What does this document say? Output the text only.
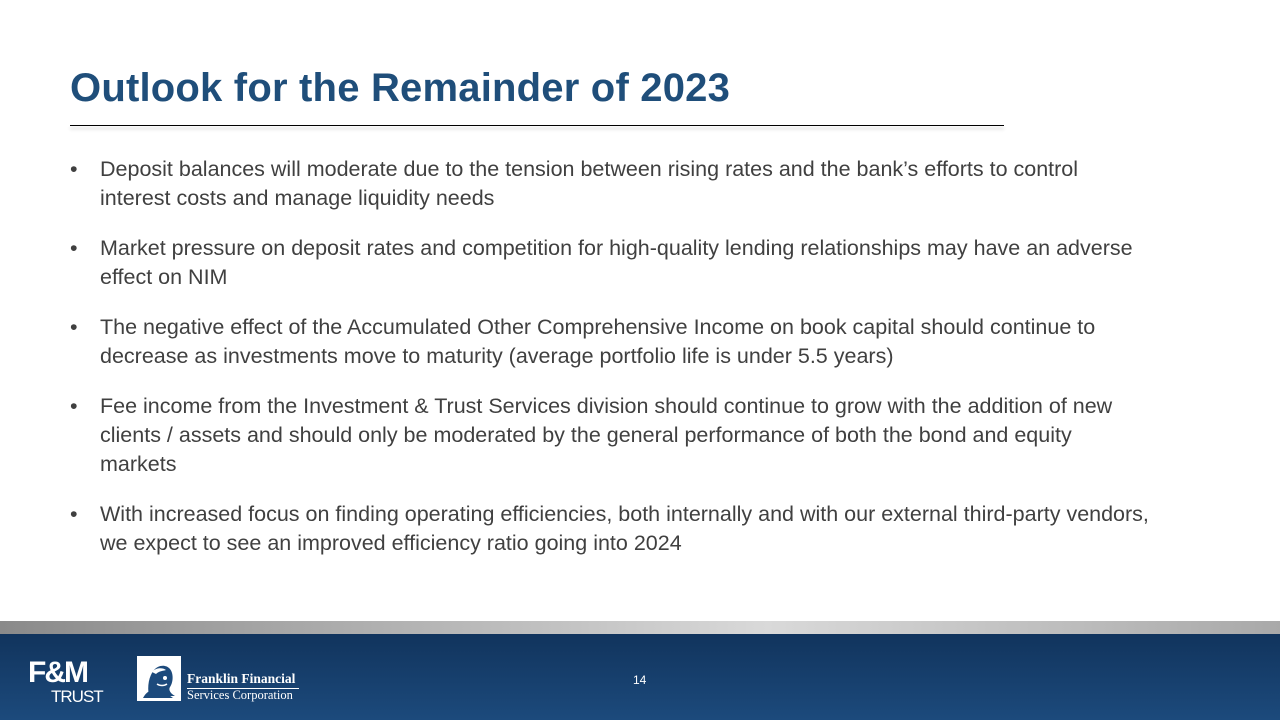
Outlook for the Remainder of 2023
•	Deposit balances will moderate due to the tension between rising rates and the bank’s efforts to control interest costs and manage liquidity needs
•	Market pressure on deposit rates and competition for high-quality lending relationships may have an adverse effect on NIM
•	The negative effect of the Accumulated Other Comprehensive Income on book capital should continue to decrease as investments move to maturity (average portfolio life is under 5.5 years)
•	Fee income from the Investment & Trust Services division should continue to grow with the addition of new clients / assets and should only be moderated by the general performance of both the bond and equity markets
•	With increased focus on finding operating efficiencies, both internally and with our external third-party vendors, we expect to see an improved efficiency ratio going into 2024
F&M
TRUST
Franklin Financial
Services Corporation
14
